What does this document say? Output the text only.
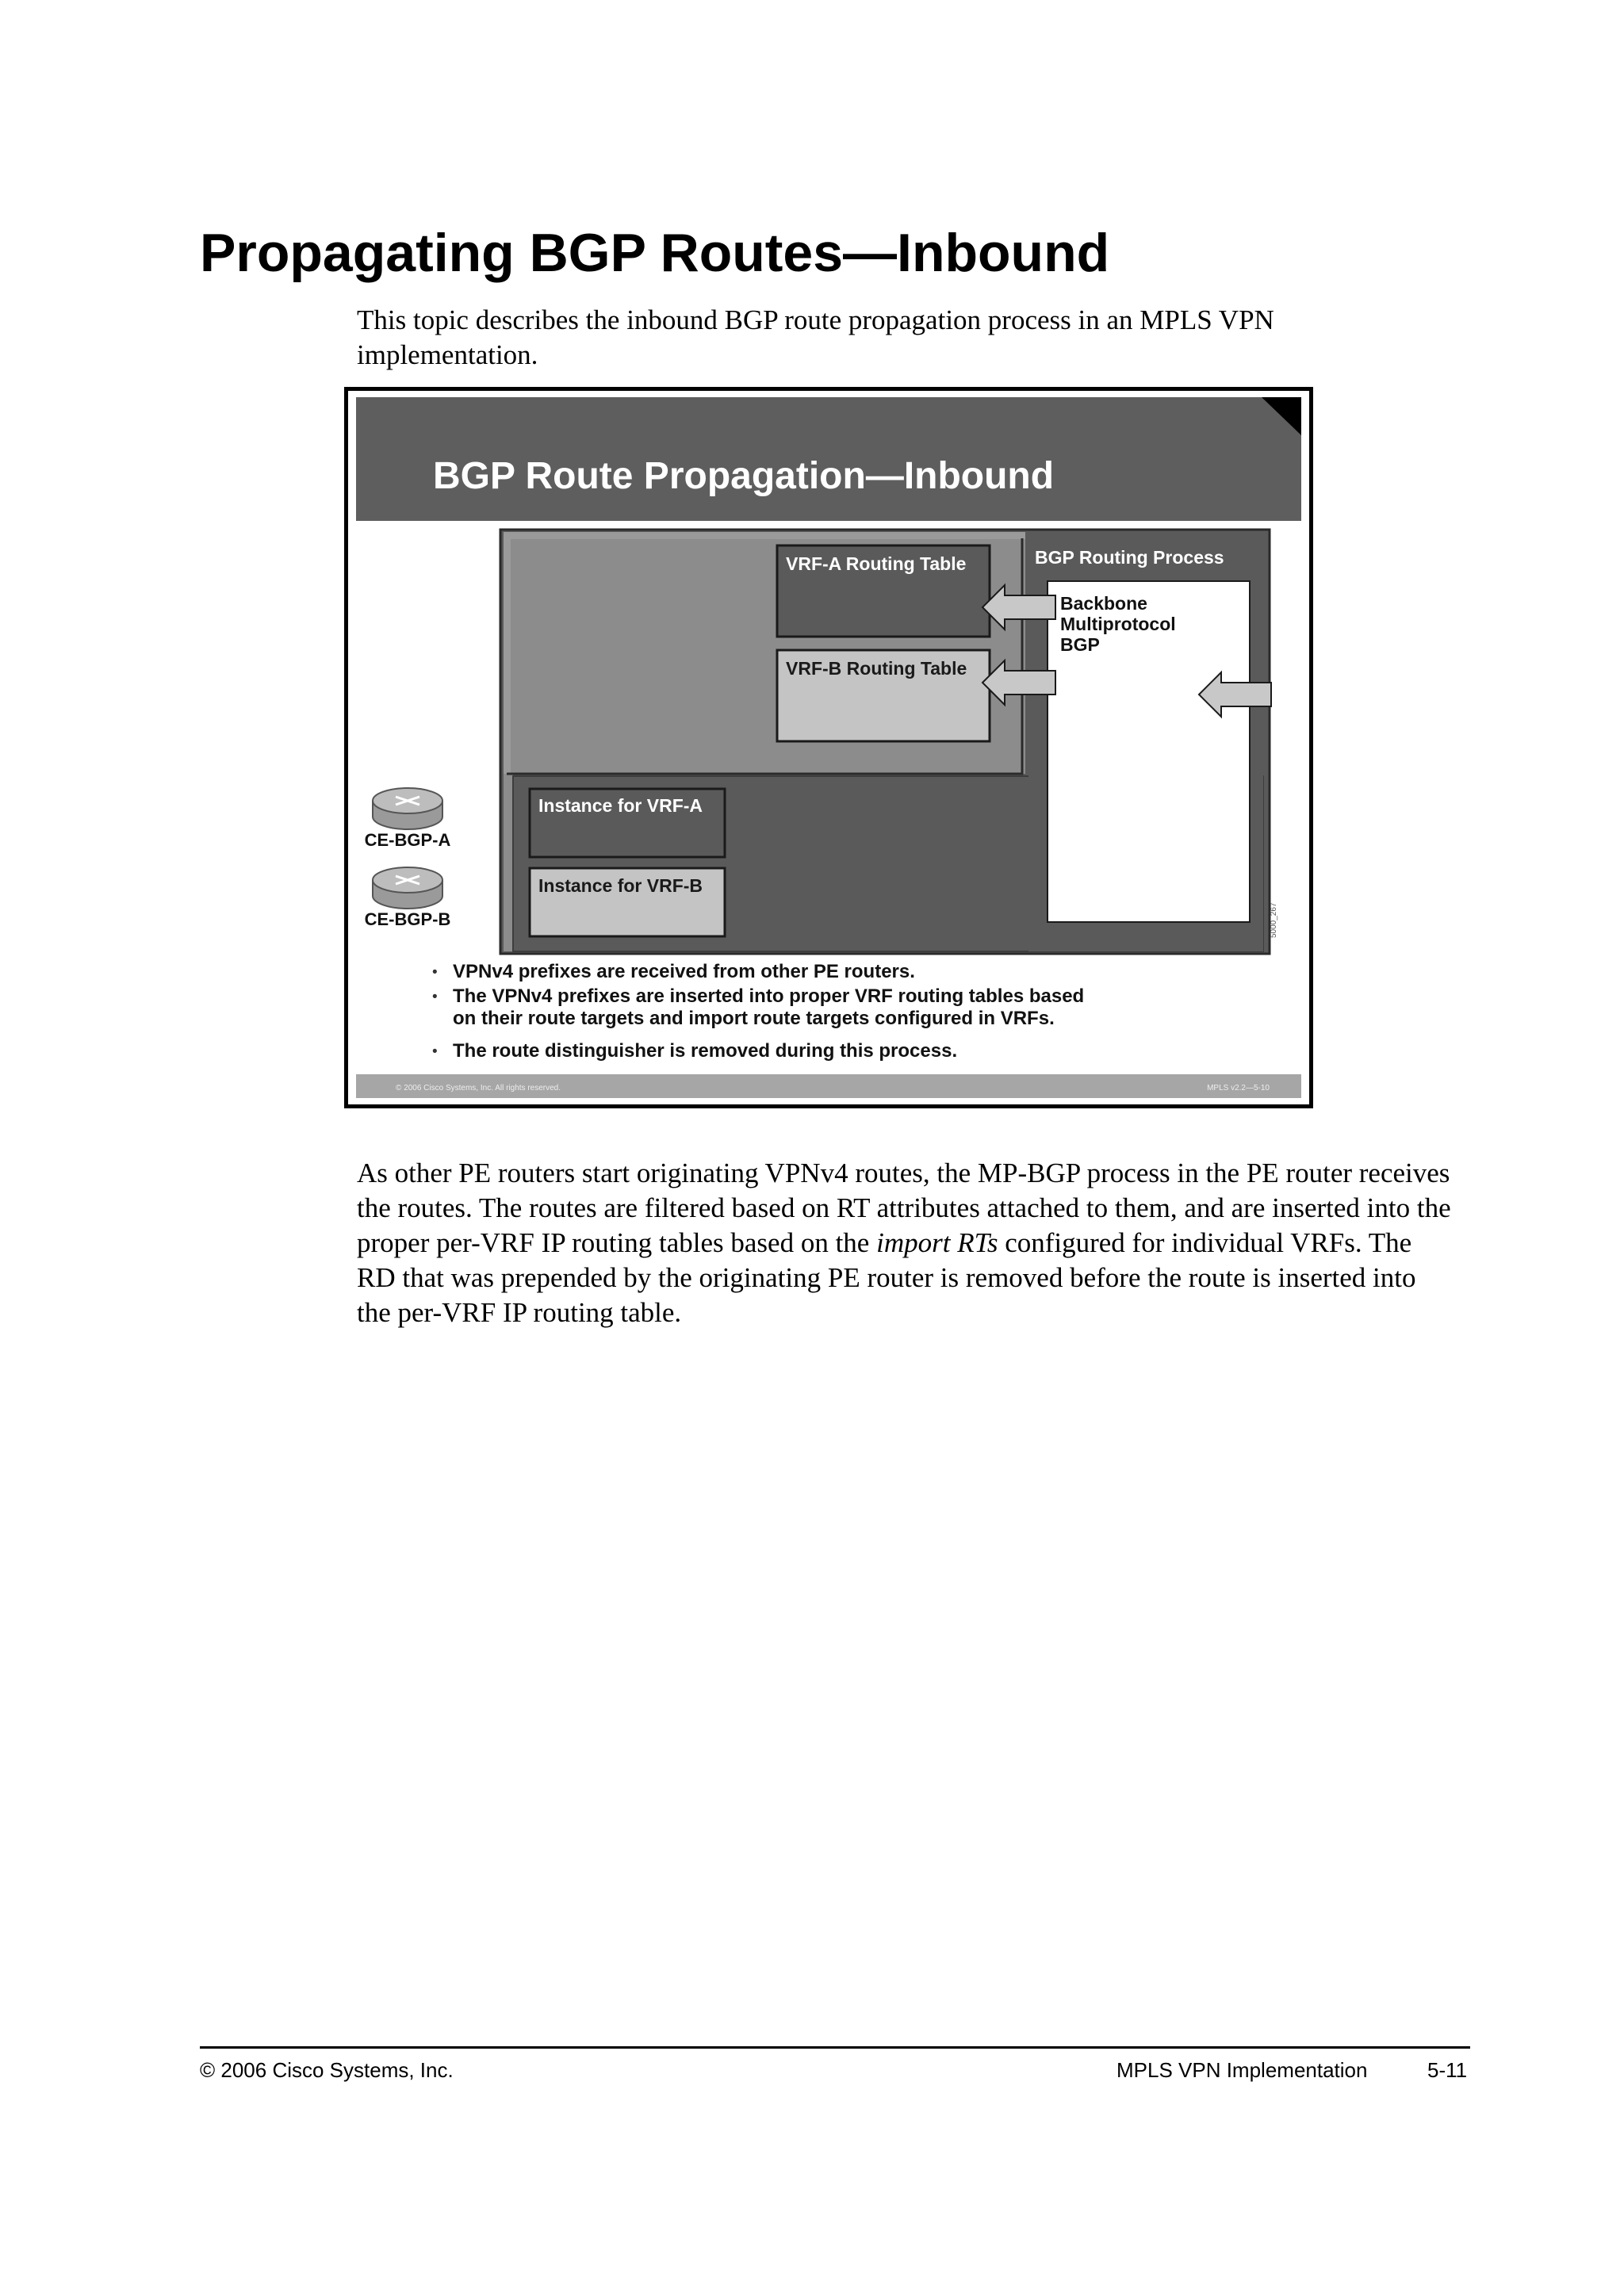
Propagating BGP Routes—Inbound

This topic describes the inbound BGP route propagation process in an MPLS VPN implementation.

BGP Route Propagation—Inbound
VRF-A Routing Table
VRF-B Routing Table
BGP Routing Process
Backbone
Multiprotocol
BGP
Instance for VRF-A
Instance for VRF-B
CE-BGP-A
CE-BGP-B	5000_267
• VPNv4 prefixes are received from other PE routers.
• The VPNv4 prefixes are inserted into proper VRF routing tables based
on their route targets and import route targets configured in VRFs.
• The route distinguisher is removed during this process.
© 2006 Cisco Systems, Inc. All rights reserved.	MPLS v2.2—5-10

As other PE routers start originating VPNv4 routes, the MP-BGP process in the PE router receives the routes. The routes are filtered based on RT attributes attached to them, and are inserted into the proper per-VRF IP routing tables based on the import RTs configured for individual VRFs. The RD that was prepended by the originating PE router is removed before the route is inserted into the per-VRF IP routing table.

© 2006 Cisco Systems, Inc.	MPLS VPN Implementation	5-11
